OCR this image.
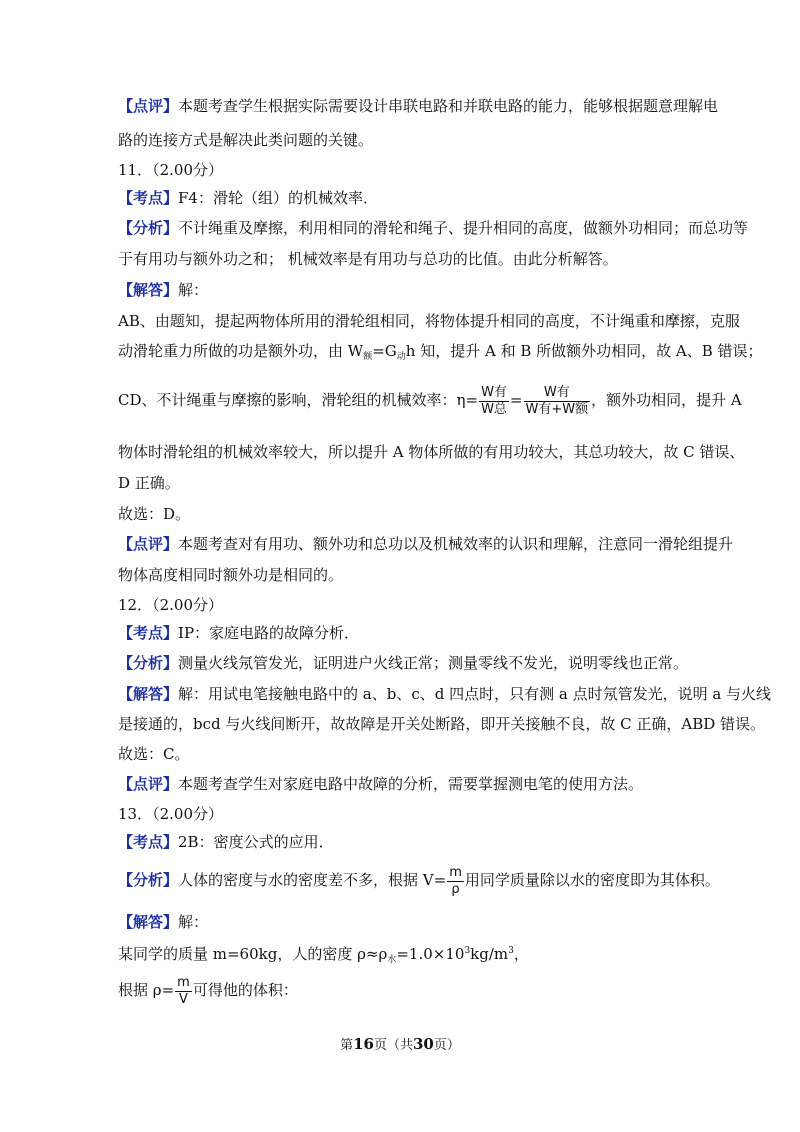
【点评】本题考查学生根据实际需要设计串联电路和并联电路的能力，能够根据题意理解电
路的连接方式是解决此类问题的关键。
11．（2.00分）
【考点】F4：滑轮（组）的机械效率．
【分析】不计绳重及摩擦，利用相同的滑轮和绳子、提升相同的高度，做额外功相同；而总功等
于有用功与额外功之和； 机械效率是有用功与总功的比值。由此分析解答。
【解答】解：
AB、由题知，提起两物体所用的滑轮组相同，将物体提升相同的高度，不计绳重和摩擦，克服
动滑轮重力所做的功是额外功，由 $W_额=G_动h$ 知，提升 A 和 B 所做额外功相同，故 A、B 错误；
CD、不计绳重与摩擦的影响，滑轮组的机械效率：$\eta= \frac{\text{W有}}{\text{W总}} = \frac{\text{W有}}{\text{W有+W额}}$ ，额外功相同，提升 A
物体时滑轮组的机械效率较大，所以提升 A 物体所做的有用功较大，其总功较大，故 C 错误、
D 正确。
故选：D。
【点评】本题考查对有用功、额外功和总功以及机械效率的认识和理解，注意同一滑轮组提升
物体高度相同时额外功是相同的。
12．（2.00分）
【考点】IP：家庭电路的故障分析．
【分析】测量火线氖管发光，证明进户火线正常；测量零线不发光，说明零线也正常。
【解答】解：用试电笔接触电路中的 a、b、c、d 四点时，只有测 a 点时氖管发光，说明 a 与火线
是接通的，bcd 与火线间断开，故故障是开关处断路，即开关接触不良，故 C 正确，ABD 错误。
故选：C。
【点评】本题考查学生对家庭电路中故障的分析，需要掌握测电笔的使用方法。
13．（2.00分）
【考点】2B：密度公式的应用．
【分析】人体的密度与水的密度差不多，根据 $V= \frac{m}{\rho}$ 用同学质量除以水的密度即为其体积。
【解答】解：
某同学的质量 m=60kg，人的密度 $\rho\approx\rho_水=1.0\times 10^3kg/m^3$，
根据 $\rho= \frac{m}{V}$ 可得他的体积：
第16页（共30页）
